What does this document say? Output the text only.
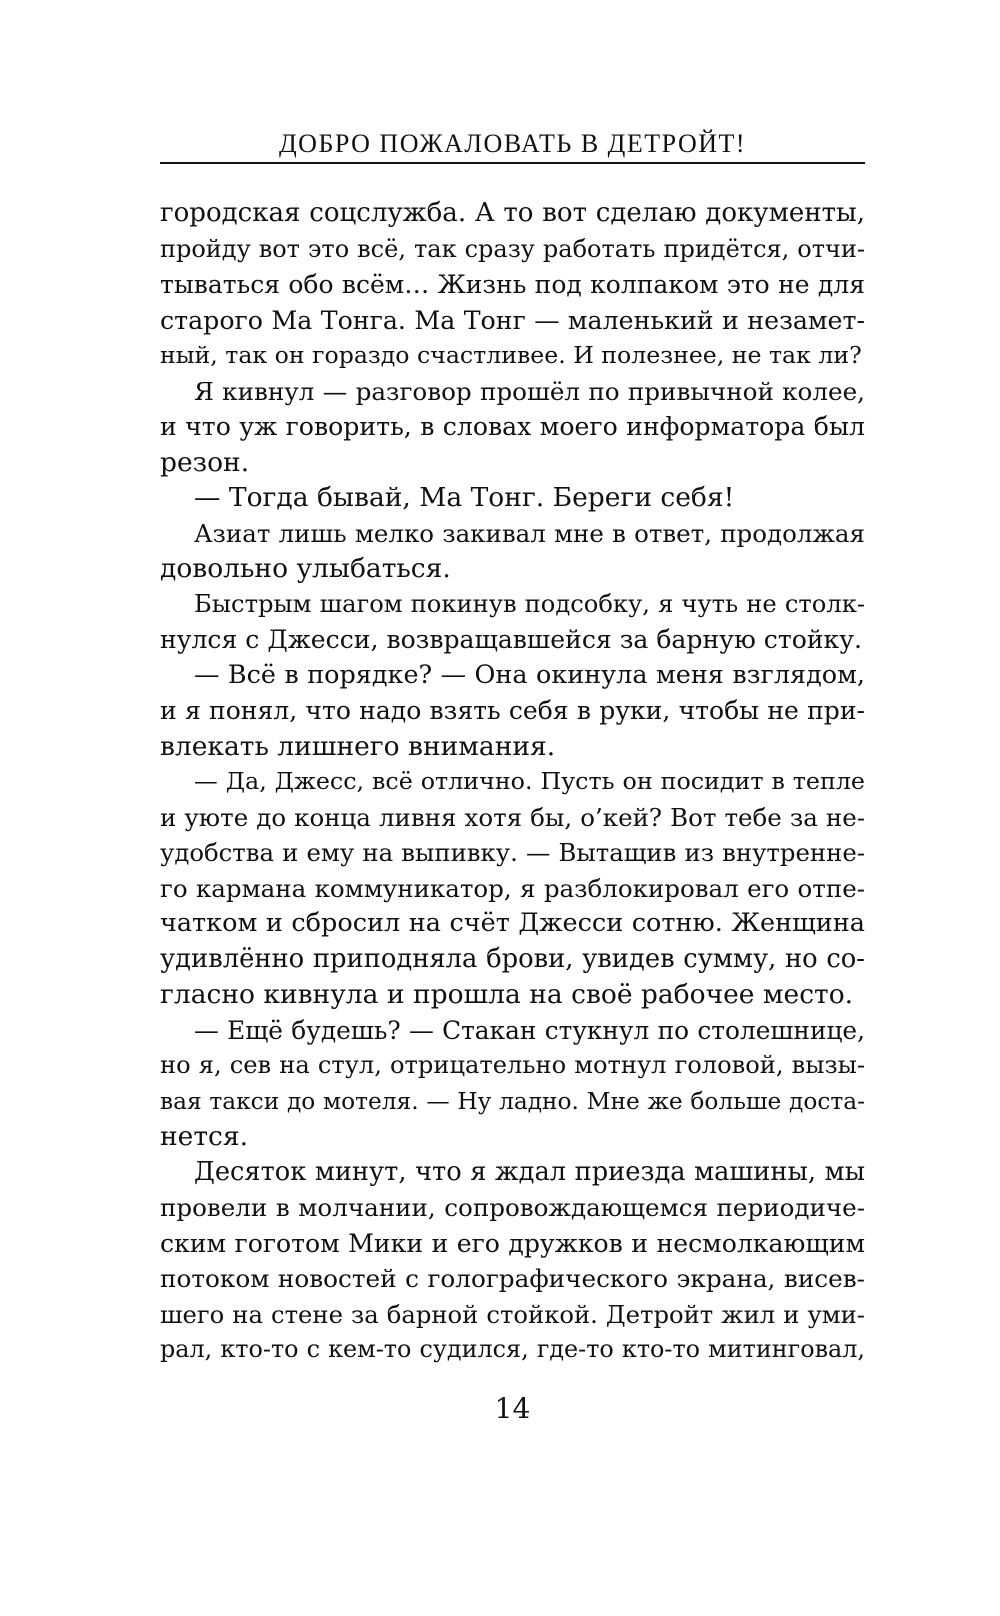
ДОБРО ПОЖАЛОВАТЬ В ДЕТРОЙТ!
городская соцслужба. А то вот сделаю документы,
пройду вот это всё, так сразу работать придётся, отчи-
тываться обо всём… Жизнь под колпаком это не для
старого Ма Тонга. Ма Тонг — маленький и незамет-
ный, так он гораздо счастливее. И полезнее, не так ли?
Я кивнул — разговор прошёл по привычной колее,
и что уж говорить, в словах моего информатора был
резон.
— Тогда бывай, Ма Тонг. Береги себя!
Азиат лишь мелко закивал мне в ответ, продолжая
довольно улыбаться.
Быстрым шагом покинув подсобку, я чуть не столк-
нулся с Джесси, возвращавшейся за барную стойку.
— Всё в порядке? — Она окинула меня взглядом,
и я понял, что надо взять себя в руки, чтобы не при-
влекать лишнего внимания.
— Да, Джесс, всё отлично. Пусть он посидит в тепле
и уюте до конца ливня хотя бы, о’кей? Вот тебе за не-
удобства и ему на выпивку. — Вытащив из внутренне-
го кармана коммуникатор, я разблокировал его отпе-
чатком и сбросил на счёт Джесси сотню. Женщина
удивлённо приподняла брови, увидев сумму, но со-
гласно кивнула и прошла на своё рабочее место.
— Ещё будешь? — Стакан стукнул по столешнице,
но я, сев на стул, отрицательно мотнул головой, вызы-
вая такси до мотеля. — Ну ладно. Мне же больше доста-
нется.
Десяток минут, что я ждал приезда машины, мы
провели в молчании, сопровождающемся периодиче-
ским гоготом Мики и его дружков и несмолкающим
потоком новостей с голографического экрана, висев-
шего на стене за барной стойкой. Детройт жил и уми-
рал, кто-то с кем-то судился, где-то кто-то митинговал,
14
